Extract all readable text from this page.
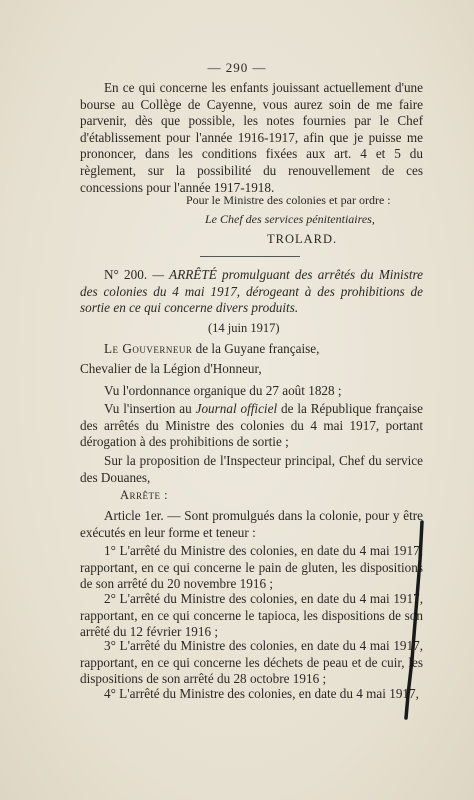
— 290 —

En ce qui concerne les enfants jouissant actuellement d'une bourse au Collège de Cayenne, vous aurez soin de me faire parvenir, dès que possible, les notes fournies par le Chef d'établissement pour l'année 1916-1917, afin que je puisse me prononcer, dans les conditions fixées aux art. 4 et 5 du règlement, sur la possibilité du renouvellement de ces concessions pour l'année 1917-1918.

Pour le Ministre des colonies et par ordre :
Le Chef des services pénitentiaires,
TROLARD.
N° 200. — ARRÊTÉ promulguant des arrêtés du Ministre des colonies du 4 mai 1917, dérogeant à des prohibitions de sortie en ce qui concerne divers produits.
(14 juin 1917)
Le Gouverneur de la Guyane française,
Chevalier de la Légion d'Honneur,
Vu l'ordonnance organique du 27 août 1828 ;

Vu l'insertion au Journal officiel de la République française des arrêtés du Ministre des colonies du 4 mai 1917, portant dérogation à des prohibitions de sortie ;

Sur la proposition de l'Inspecteur principal, Chef du service des Douanes,

Arrête :

Article 1er. — Sont promulgués dans la colonie, pour y être exécutés en leur forme et teneur :

1° L'arrêté du Ministre des colonies, en date du 4 mai 1917, rapportant, en ce qui concerne le pain de gluten, les dispositions de son arrêté du 20 novembre 1916 ;

2° L'arrêté du Ministre des colonies, en date du 4 mai 1917, rapportant, en ce qui concerne le tapioca, les dispositions de son arrêté du 12 février 1916 ;

3° L'arrêté du Ministre des colonies, en date du 4 mai 1917, rapportant, en ce qui concerne les déchets de peau et de cuir, les dispositions de son arrêté du 28 octobre 1916 ;

4° L'arrêté du Ministre des colonies, en date du 4 mai 1917,
